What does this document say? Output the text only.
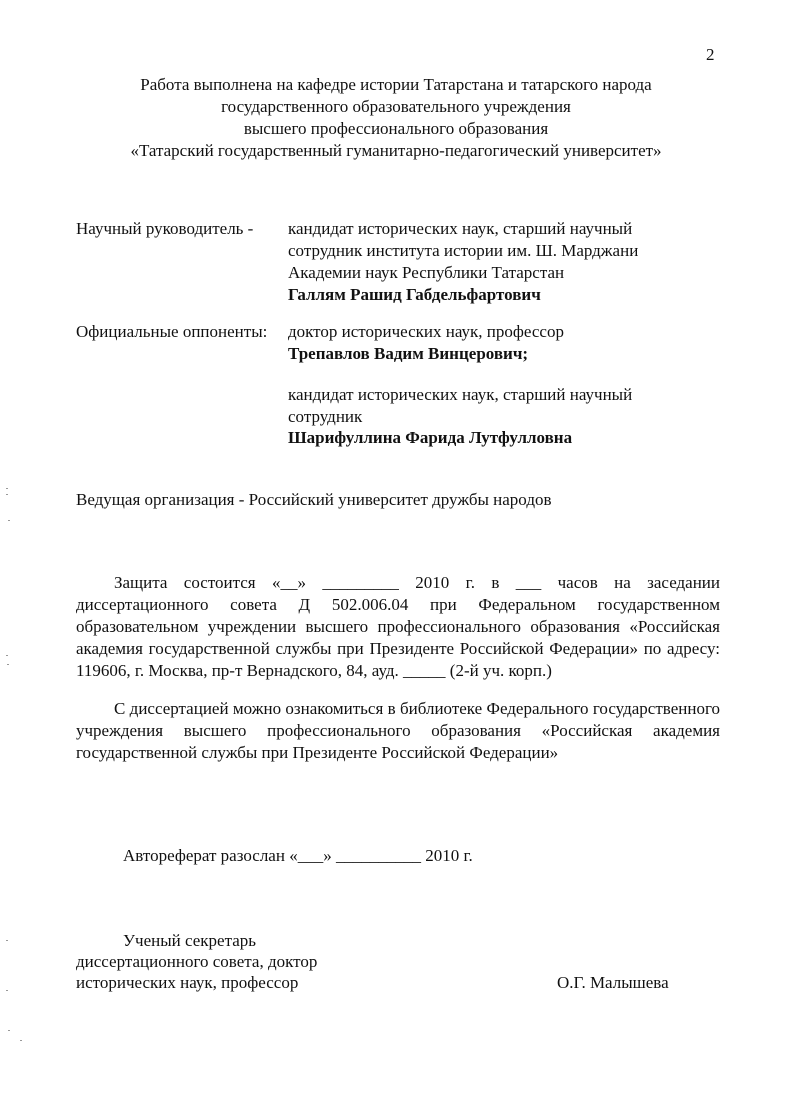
2
Работа выполнена на кафедре истории Татарстана и татарского народа
государственного образовательного учреждения
высшего профессионального образования
«Татарский государственный гуманитарно-педагогический университет»
Научный руководитель - кандидат исторических наук, старший научный
сотрудник института истории им. Ш. Марджани
Академии наук Республики Татарстан
Галлям Рашид Габдельфартович
Официальные оппоненты: доктор исторических наук, профессор
Трепавлов Вадим Винцерович;
кандидат исторических наук, старший научный
сотрудник
Шарифуллина Фарида Лутфулловна
Ведущая организация - Российский университет дружбы народов
Защита состоится «__» _________ 2010 г. в ___ часов на заседании диссертационного совета Д 502.006.04 при Федеральном государственном образовательном учреждении высшего профессионального образования «Российская академия государственной службы при Президенте Российской Федерации» по адресу: 119606, г. Москва, пр-т Вернадского, 84, ауд. _____ (2-й уч. корп.)
С диссертацией можно ознакомиться в библиотеке Федерального государственного учреждения высшего профессионального образования «Российская академия государственной службы при Президенте Российской Федерации»
Автореферат разослан «___» __________ 2010 г.
Ученый секретарь
диссертационного совета, доктор
исторических наук, профессор	О.Г. Малышева
